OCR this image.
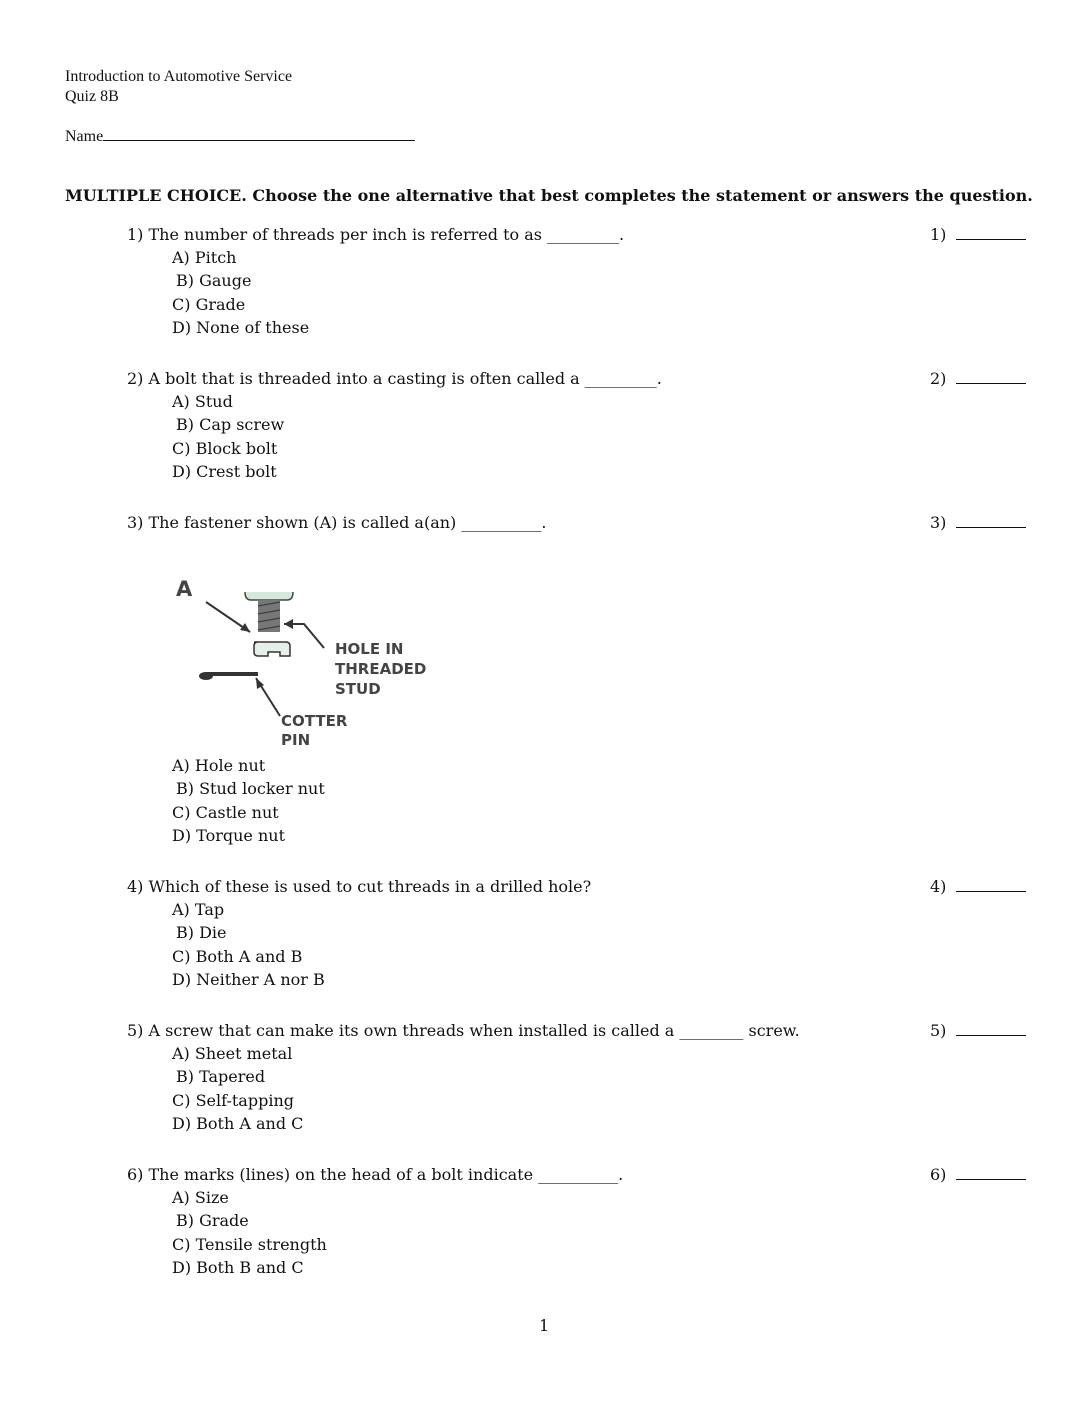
Introduction to Automotive Service
Quiz 8B
Name
MULTIPLE CHOICE. Choose the one alternative that best completes the statement or answers the question.
1) The number of threads per inch is referred to as _________.
A) Pitch
B) Gauge
C) Grade
D) None of these
1)
2) A bolt that is threaded into a casting is often called a _________.
A) Stud
B) Cap screw
C) Block bolt
D) Crest bolt
2)
3) The fastener shown (A) is called a(an) __________.	3)
A
HOLE IN
THREADED
STUD
COTTER
PIN
A) Hole nut
B) Stud locker nut
C) Castle nut
D) Torque nut
4) Which of these is used to cut threads in a drilled hole?
A) Tap
B) Die
C) Both A and B
D) Neither A nor B
4)
5) A screw that can make its own threads when installed is called a ________ screw.
A) Sheet metal
B) Tapered
C) Self-tapping
D) Both A and C
5)
6) The marks (lines) on the head of a bolt indicate __________.
A) Size
B) Grade
C) Tensile strength
D) Both B and C
6)
1
